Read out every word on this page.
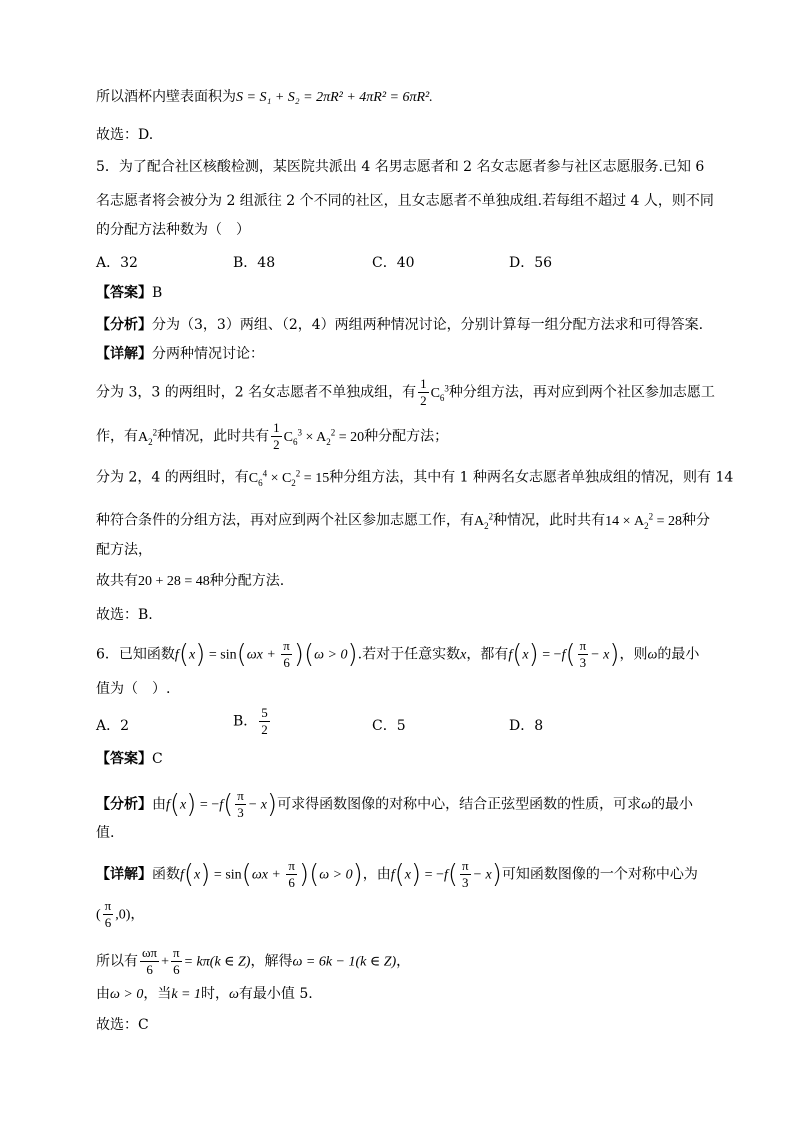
所以酒杯内壁表面积为S = S₁ + S₂ = 2πR² + 4πR² = 6πR².
故选：D.
5．为了配合社区核酸检测，某医院共派出 4 名男志愿者和 2 名女志愿者参与社区志愿服务.已知 6
名志愿者将会被分为 2 组派往 2 个不同的社区，且女志愿者不单独成组.若每组不超过 4 人，则不同
的分配方法种数为（　）
A．32	B．48	C．40	D．56
【答案】B
【分析】分为（3，3）两组、（2，4）两组两种情况讨论，分别计算每一组分配方法求和可得答案.
【详解】分两种情况讨论：
分为 3，3 的两组时，2 名女志愿者不单独成组，有 $\frac{1}{2} C_6^3$种分组方法，再对应到两个社区参加志愿工
作，有$A_2^2$种情况，此时共有 $\frac{1}{2} C_6^3 \times A_2^2 = 20$种分配方法；
分为 2，4 的两组时，有$C_6^4 \times C_2^2 = 15$种分组方法，其中有 1 种两名女志愿者单独成组的情况，则有 14
种符合条件的分组方法，再对应到两个社区参加志愿工作，有$A_2^2$种情况，此时共有$14 \times A_2^2 = 28$种分
配方法，
故共有20 + 28 = 48种分配方法.
故选：B.
6．已知函数$f(x) = \sin(\omega x + \frac{\pi}{6} )(\omega > 0)$.若对于任意实数x，都有$f(x) = -f( \frac{\pi}{3} - x)$，则ω的最小
值为（　）.
A．2	B． $\frac{5}{2}$	C．5	D．8
【答案】C
【分析】由$f(x) = -f( \frac{\pi}{3} - x)$可求得函数图像的对称中心，结合正弦型函数的性质，可求ω的最小
值.
【详解】函数$f(x) = \sin(\omega x + \frac{\pi}{6} )(\omega > 0)$，由$f(x) = -f( \frac{\pi}{3} - x)$可知函数图像的一个对称中心为
( $\frac{\pi}{6} ,0$)，
所以有 $\frac{\omega\pi}{6} + \frac{\pi}{6} = k\pi(k$ ∈ Z)，解得ω = 6k − 1(k ∈ Z)，
由ω > 0，当k = 1时，ω有最小值 5.
故选：C
